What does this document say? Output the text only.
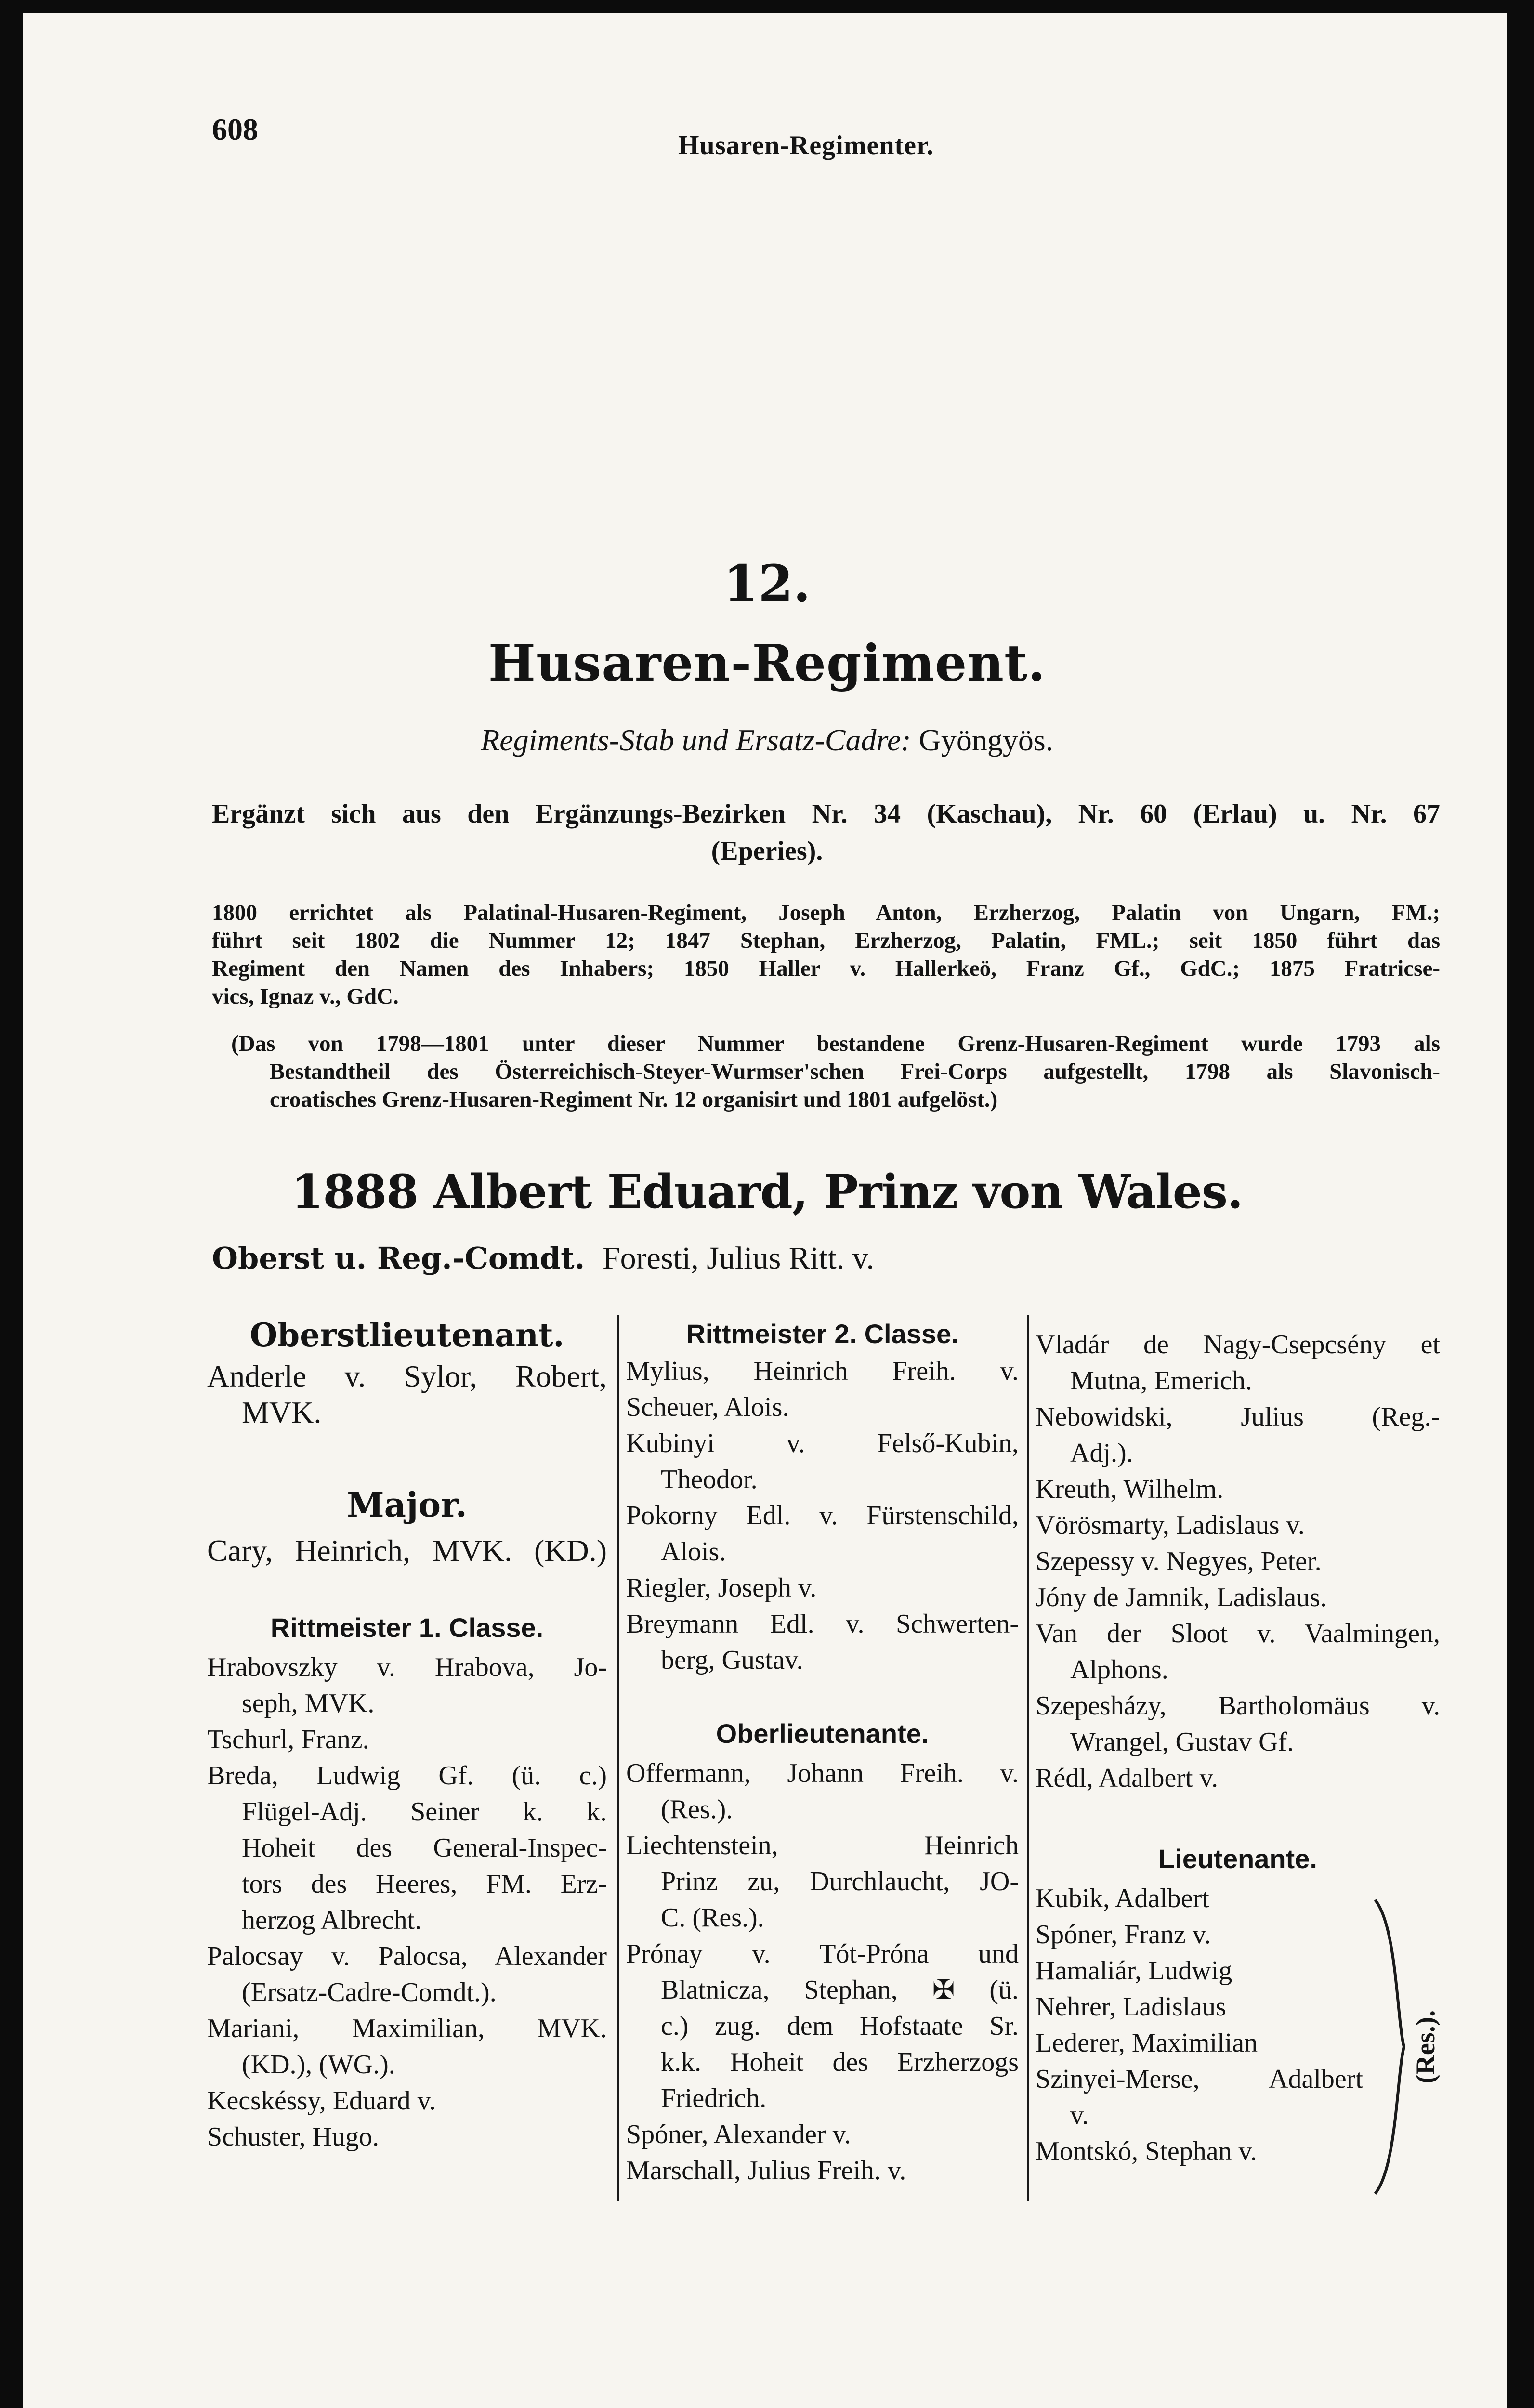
608	Husaren-Regimenter.
12.
Husaren-Regiment.
Regiments-Stab und Ersatz-Cadre: Gyöngyös.
Ergänzt sich aus den Ergänzungs-Bezirken Nr. 34 (Kaschau), Nr. 60 (Erlau) u. Nr. 67
(Eperies).
1800 errichtet als Palatinal-Husaren-Regiment, Joseph Anton, Erzherzog, Palatin von Ungarn, FM.;
führt seit 1802 die Nummer 12; 1847 Stephan, Erzherzog, Palatin, FML.; seit 1850 führt das
Regiment den Namen des Inhabers; 1850 Haller v. Hallerkeö, Franz Gf., GdC.; 1875 Fratricse-
vics, Ignaz v., GdC.
(Das von 1798—1801 unter dieser Nummer bestandene Grenz-Husaren-Regiment wurde 1793 als
Bestandtheil des Österreichisch-Steyer-Wurmser'schen Frei-Corps aufgestellt, 1798 als Slavonisch-
croatisches Grenz-Husaren-Regiment Nr. 12 organisirt und 1801 aufgelöst.)
1888 Albert Eduard, Prinz von Wales.
Oberst u. Reg.-Comdt. Foresti, Julius Ritt. v.
Oberstlieutenant.
Anderle v. Sylor, Robert,
MVK.
Major.
Cary, Heinrich, MVK. (KD.)
Rittmeister 1. Classe.
Hrabovszky v. Hrabova, Jo-
seph, MVK.
Tschurl, Franz.
Breda, Ludwig Gf. (ü. c.)
Flügel-Adj. Seiner k. k.
Hoheit des General-Inspec-
tors des Heeres, FM. Erz-
herzog Albrecht.
Palocsay v. Palocsa, Alexander
(Ersatz-Cadre-Comdt.).
Mariani, Maximilian, MVK.
(KD.), (WG.).
Kecskéssy, Eduard v.
Schuster, Hugo.
Rittmeister 2. Classe.
Mylius, Heinrich Freih. v.
Scheuer, Alois.
Kubinyi v. Felső-Kubin,
Theodor.
Pokorny Edl. v. Fürstenschild,
Alois.
Riegler, Joseph v.
Breymann Edl. v. Schwerten-
berg, Gustav.
Oberlieutenante.
Offermann, Johann Freih. v.
(Res.).
Liechtenstein, Heinrich
Prinz zu, Durchlaucht, JO-
C. (Res.).
Prónay v. Tót-Próna und
Blatnicza, Stephan, ✠ (ü.
c.) zug. dem Hofstaate Sr.
k.k. Hoheit des Erzherzogs
Friedrich.
Spóner, Alexander v.
Marschall, Julius Freih. v.
Vladár de Nagy-Csepcsény et
Mutna, Emerich.
Nebowidski, Julius (Reg.-
Adj.).
Kreuth, Wilhelm.
Vörösmarty, Ladislaus v.
Szepessy v. Negyes, Peter.
Jóny de Jamnik, Ladislaus.
Van der Sloot v. Vaalmingen,
Alphons.
Szepesházy, Bartholomäus v.
Wrangel, Gustav Gf.
Rédl, Adalbert v.
Lieutenante.
Kubik, Adalbert
Spóner, Franz v.
Hamaliár, Ludwig
Nehrer, Ladislaus
Lederer, Maximilian
Szinyei-Merse, Adalbert
v.
Montskó, Stephan v.
(Res.).
